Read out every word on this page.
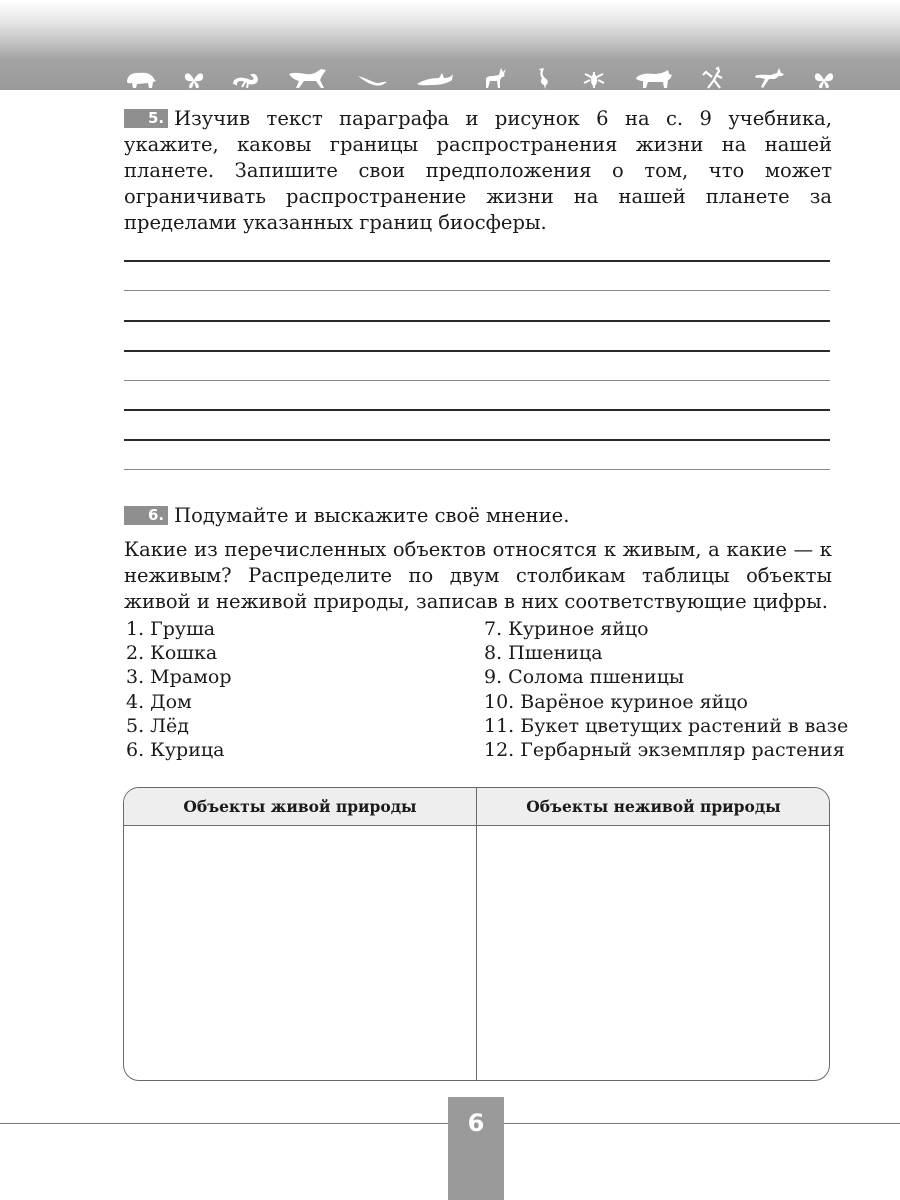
5. Изучив текст параграфа и рисунок 6 на с. 9 учебника, укажите, каковы границы распространения жизни на нашей планете. Запишите свои предположения о том, что может ограничивать распространение жизни на нашей планете за пределами указанных границ биосферы.
6. Подумайте и выскажите своё мнение.
Какие из перечисленных объектов относятся к живым, а какие — к неживым? Распределите по двум столбикам таблицы объекты живой и неживой природы, записав в них соответствующие цифры.
1. Груша
2. Кошка
3. Мрамор
4. Дом
5. Лёд
6. Курица
7. Куриное яйцо
8. Пшеница
9. Солома пшеницы
10. Варёное куриное яйцо
11. Букет цветущих растений в вазе
12. Гербарный экземпляр растения
Объекты живой природы	Объекты неживой природы
6
